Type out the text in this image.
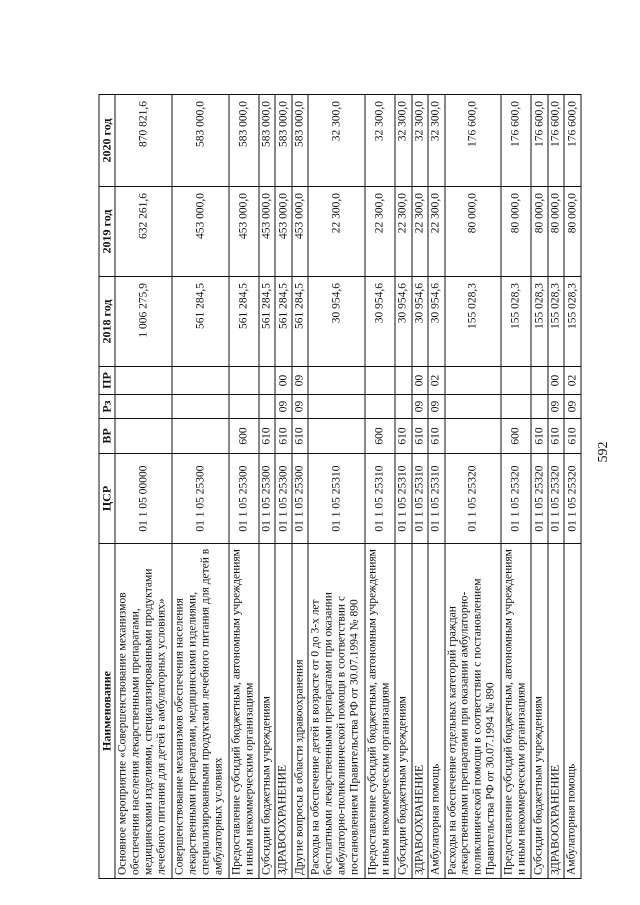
592
Наименование	ЦСР	ВР	Рз	ПР	2018 год	2019 год	2020 год
Основное мероприятие «Совершенствование механизмов обеспечения населения лекарственными препаратами, медицинскими изделиями, специализированными продуктами лечебного питания для детей в амбулаторных условиях»	01 1 05 00000				1 006 275,9	632 261,6	870 821,6
Совершенствование механизмов обеспечения населения лекарственными препаратами, медицинскими изделиями, специализированными продуктами лечебного питания для детей в амбулаторных условиях	01 1 05 25300				561 284,5	453 000,0	583 000,0
Предоставление субсидий бюджетным, автономным учреждениям и иным некоммерческим организациям	01 1 05 25300	600			561 284,5	453 000,0	583 000,0
Субсидии бюджетным учреждениям	01 1 05 25300	610			561 284,5	453 000,0	583 000,0
ЗДРАВООХРАНЕНИЕ	01 1 05 25300	610	09	00	561 284,5	453 000,0	583 000,0
Другие вопросы в области здравоохранения	01 1 05 25300	610	09	09	561 284,5	453 000,0	583 000,0
Расходы на обеспечение детей в возрасте от 0 до 3-х лет бесплатными лекарственными препаратами при оказании амбулаторно-поликлинической помощи в соответствии с постановлением Правительства РФ от 30.07.1994 № 890	01 1 05 25310				30 954,6	22 300,0	32 300,0
Предоставление субсидий бюджетным, автономным учреждениям и иным некоммерческим организациям	01 1 05 25310	600			30 954,6	22 300,0	32 300,0
Субсидии бюджетным учреждениям	01 1 05 25310	610			30 954,6	22 300,0	32 300,0
ЗДРАВООХРАНЕНИЕ	01 1 05 25310	610	09	00	30 954,6	22 300,0	32 300,0
Амбулаторная помощь	01 1 05 25310	610	09	02	30 954,6	22 300,0	32 300,0
Расходы на обеспечение отдельных категорий граждан лекарственными препаратами при оказании амбулаторно-поликлинической помощи в соответствии с постановлением Правительства РФ от 30.07.1994 № 890	01 1 05 25320				155 028,3	80 000,0	176 600,0
Предоставление субсидий бюджетным, автономным учреждениям и иным некоммерческим организациям	01 1 05 25320	600			155 028,3	80 000,0	176 600,0
Субсидии бюджетным учреждениям	01 1 05 25320	610			155 028,3	80 000,0	176 600,0
ЗДРАВООХРАНЕНИЕ	01 1 05 25320	610	09	00	155 028,3	80 000,0	176 600,0
Амбулаторная помощь	01 1 05 25320	610	09	02	155 028,3	80 000,0	176 600,0
